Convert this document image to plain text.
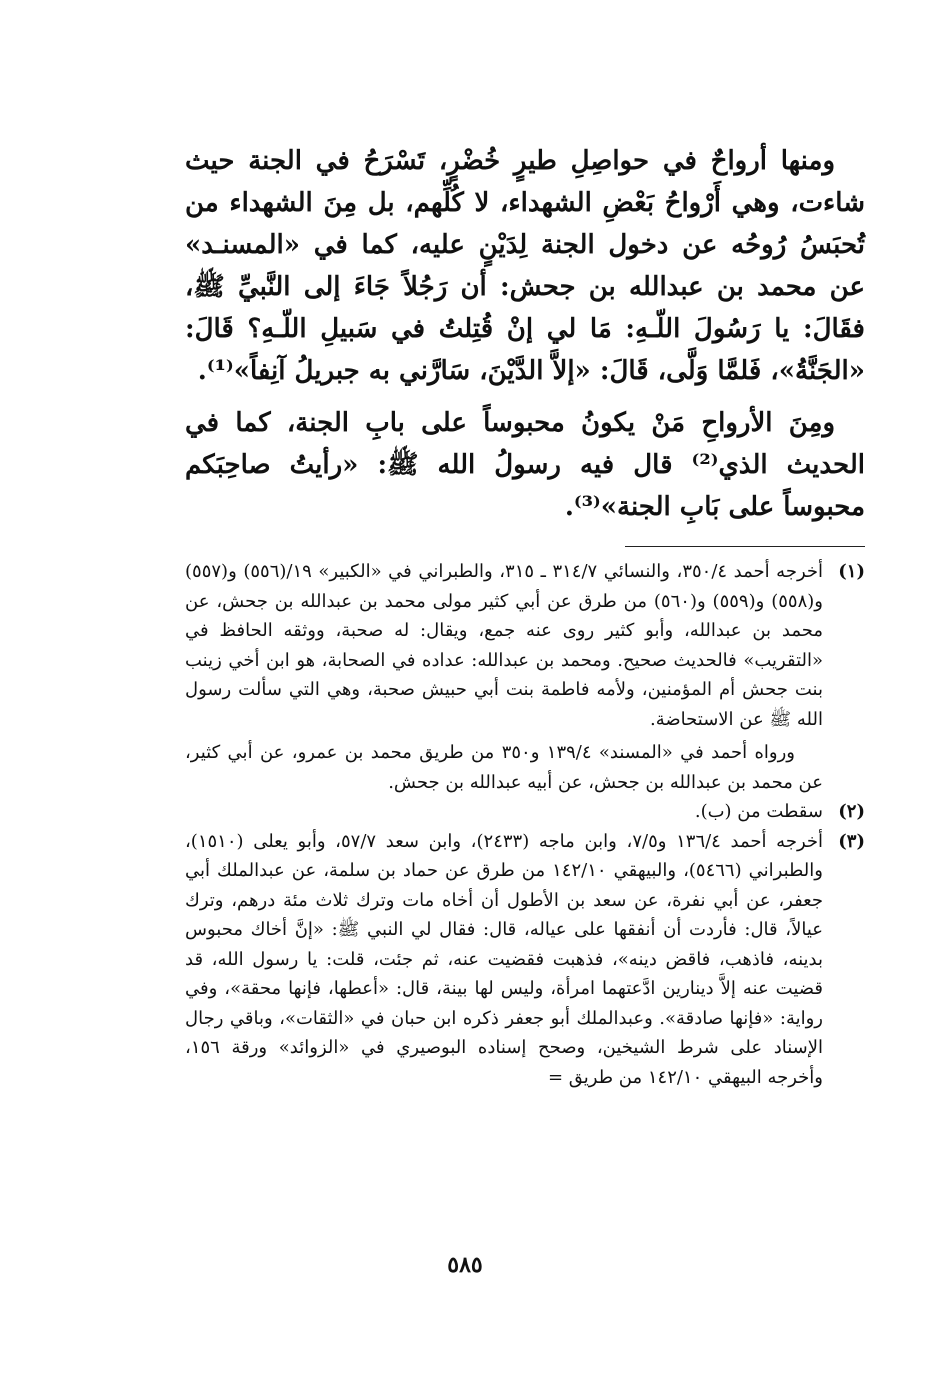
ومنها أرواحٌ في حواصِلِ طيرٍ خُضْرٍ، تَسْرَحُ في الجنة حيث شاءت، وهي أَرْواحُ بَعْضِ الشهداء، لا كُلِّهم، بل مِنَ الشهداء من تُحبَسُ رُوحُه عن دخول الجنة لِدَيْنٍ عليه، كما في «المسنـد» عن محمد بن عبدالله بن جحش: أن رَجُلاً جَاءَ إلى النَّبيِّ ﷺ، فقَالَ: يا رَسُولَ اللّـهِ: مَا لي إنْ قُتِلتُ في سَبيلِ اللّـهِ؟ قَالَ: «الجَنَّةُ»، فَلمَّا وَلَّى، قَالَ: «إلاَّ الدَّيْنَ، سَارَّني به جبريلُ آنِفاً»⁽¹⁾.

ومِنَ الأرواحِ مَنْ يكونُ محبوساً على بابِ الجنة، كما في الحديث الذي⁽²⁾ قال فيه رسولُ الله ﷺ: «رأيتُ صاحِبَكم محبوساً على بَابِ الجنة»⁽³⁾.

(١)

أخرجه أحمد ٣٥٠/٤، والنسائي ٣١٤/٧ ـ ٣١٥، والطبراني في «الكبير» ١٩/(٥٥٦) و(٥٥٧) و(٥٥٨) و(٥٥٩) و(٥٦٠) من طرق عن أبي كثير مولى محمد بن عبدالله بن جحش، عن محمد بن عبدالله، وأبو كثير روى عنه جمع، ويقال: له صحبة، ووثقه الحافظ في «التقريب» فالحديث صحيح. ومحمد بن عبدالله: عداده في الصحابة، هو ابن أخي زينب بنت جحش أم المؤمنين، ولأمه فاطمة بنت أبي حبيش صحبة، وهي التي سألت رسول الله ﷺ عن الاستحاضة.

ورواه أحمد في «المسند» ١٣٩/٤ و٣٥٠ من طريق محمد بن عمرو، عن أبي كثير، عن محمد بن عبدالله بن جحش، عن أبيه عبدالله بن جحش.

(٢)

سقطت من (ب).

(٣)

أخرجه أحمد ١٣٦/٤ و٧/٥، وابن ماجه (٢٤٣٣)، وابن سعد ٥٧/٧، وأبو يعلى (١٥١٠)، والطبراني (٥٤٦٦)، والبيهقي ١٤٢/١٠ من طرق عن حماد بن سلمة، عن عبدالملك أبي جعفر، عن أبي نفرة، عن سعد بن الأطول أن أخاه مات وترك ثلاث مئة درهم، وترك عيالاً، قال: فأردت أن أنفقها على عياله، قال: فقال لي النبي ﷺ: «إنَّ أخاك محبوس بدينه، فاذهب، فاقض دينه»، فذهبت فقضيت عنه، ثم جئت، قلت: يا رسول الله، قد قضيت عنه إلاَّ دينارين ادَّعتهما امرأة، وليس لها بينة، قال: «أعطها، فإنها محقة»، وفي رواية: «فإنها صادقة». وعبدالملك أبو جعفر ذكره ابن حبان في «الثقات»، وباقي رجال الإسناد على شرط الشيخين، وصحح إسناده البوصيري في «الزوائد» ورقة ١٥٦، وأخرجه البيهقي ١٤٢/١٠ من طريق =

٥٨٥
